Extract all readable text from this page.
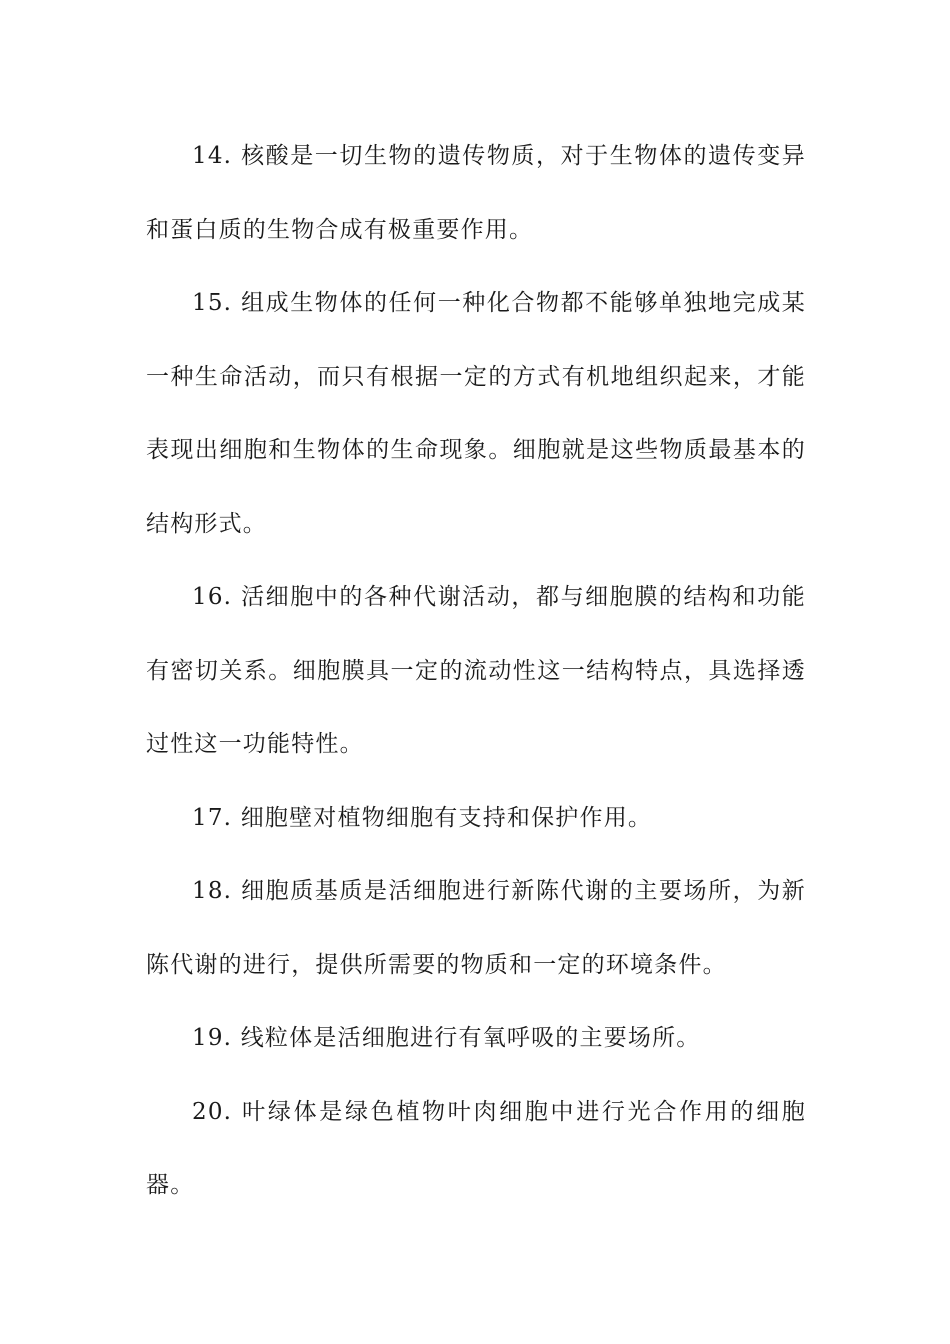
14. 核酸是一切生物的遗传物质，对于生物体的遗传变异和蛋白质的生物合成有极重要作用。

15. 组成生物体的任何一种化合物都不能够单独地完成某一种生命活动，而只有根据一定的方式有机地组织起来，才能表现出细胞和生物体的生命现象。细胞就是这些物质最基本的结构形式。

16. 活细胞中的各种代谢活动，都与细胞膜的结构和功能有密切关系。细胞膜具一定的流动性这一结构特点，具选择透过性这一功能特性。

17. 细胞壁对植物细胞有支持和保护作用。

18. 细胞质基质是活细胞进行新陈代谢的主要场所，为新陈代谢的进行，提供所需要的物质和一定的环境条件。

19. 线粒体是活细胞进行有氧呼吸的主要场所。

20. 叶绿体是绿色植物叶肉细胞中进行光合作用的细胞器。
